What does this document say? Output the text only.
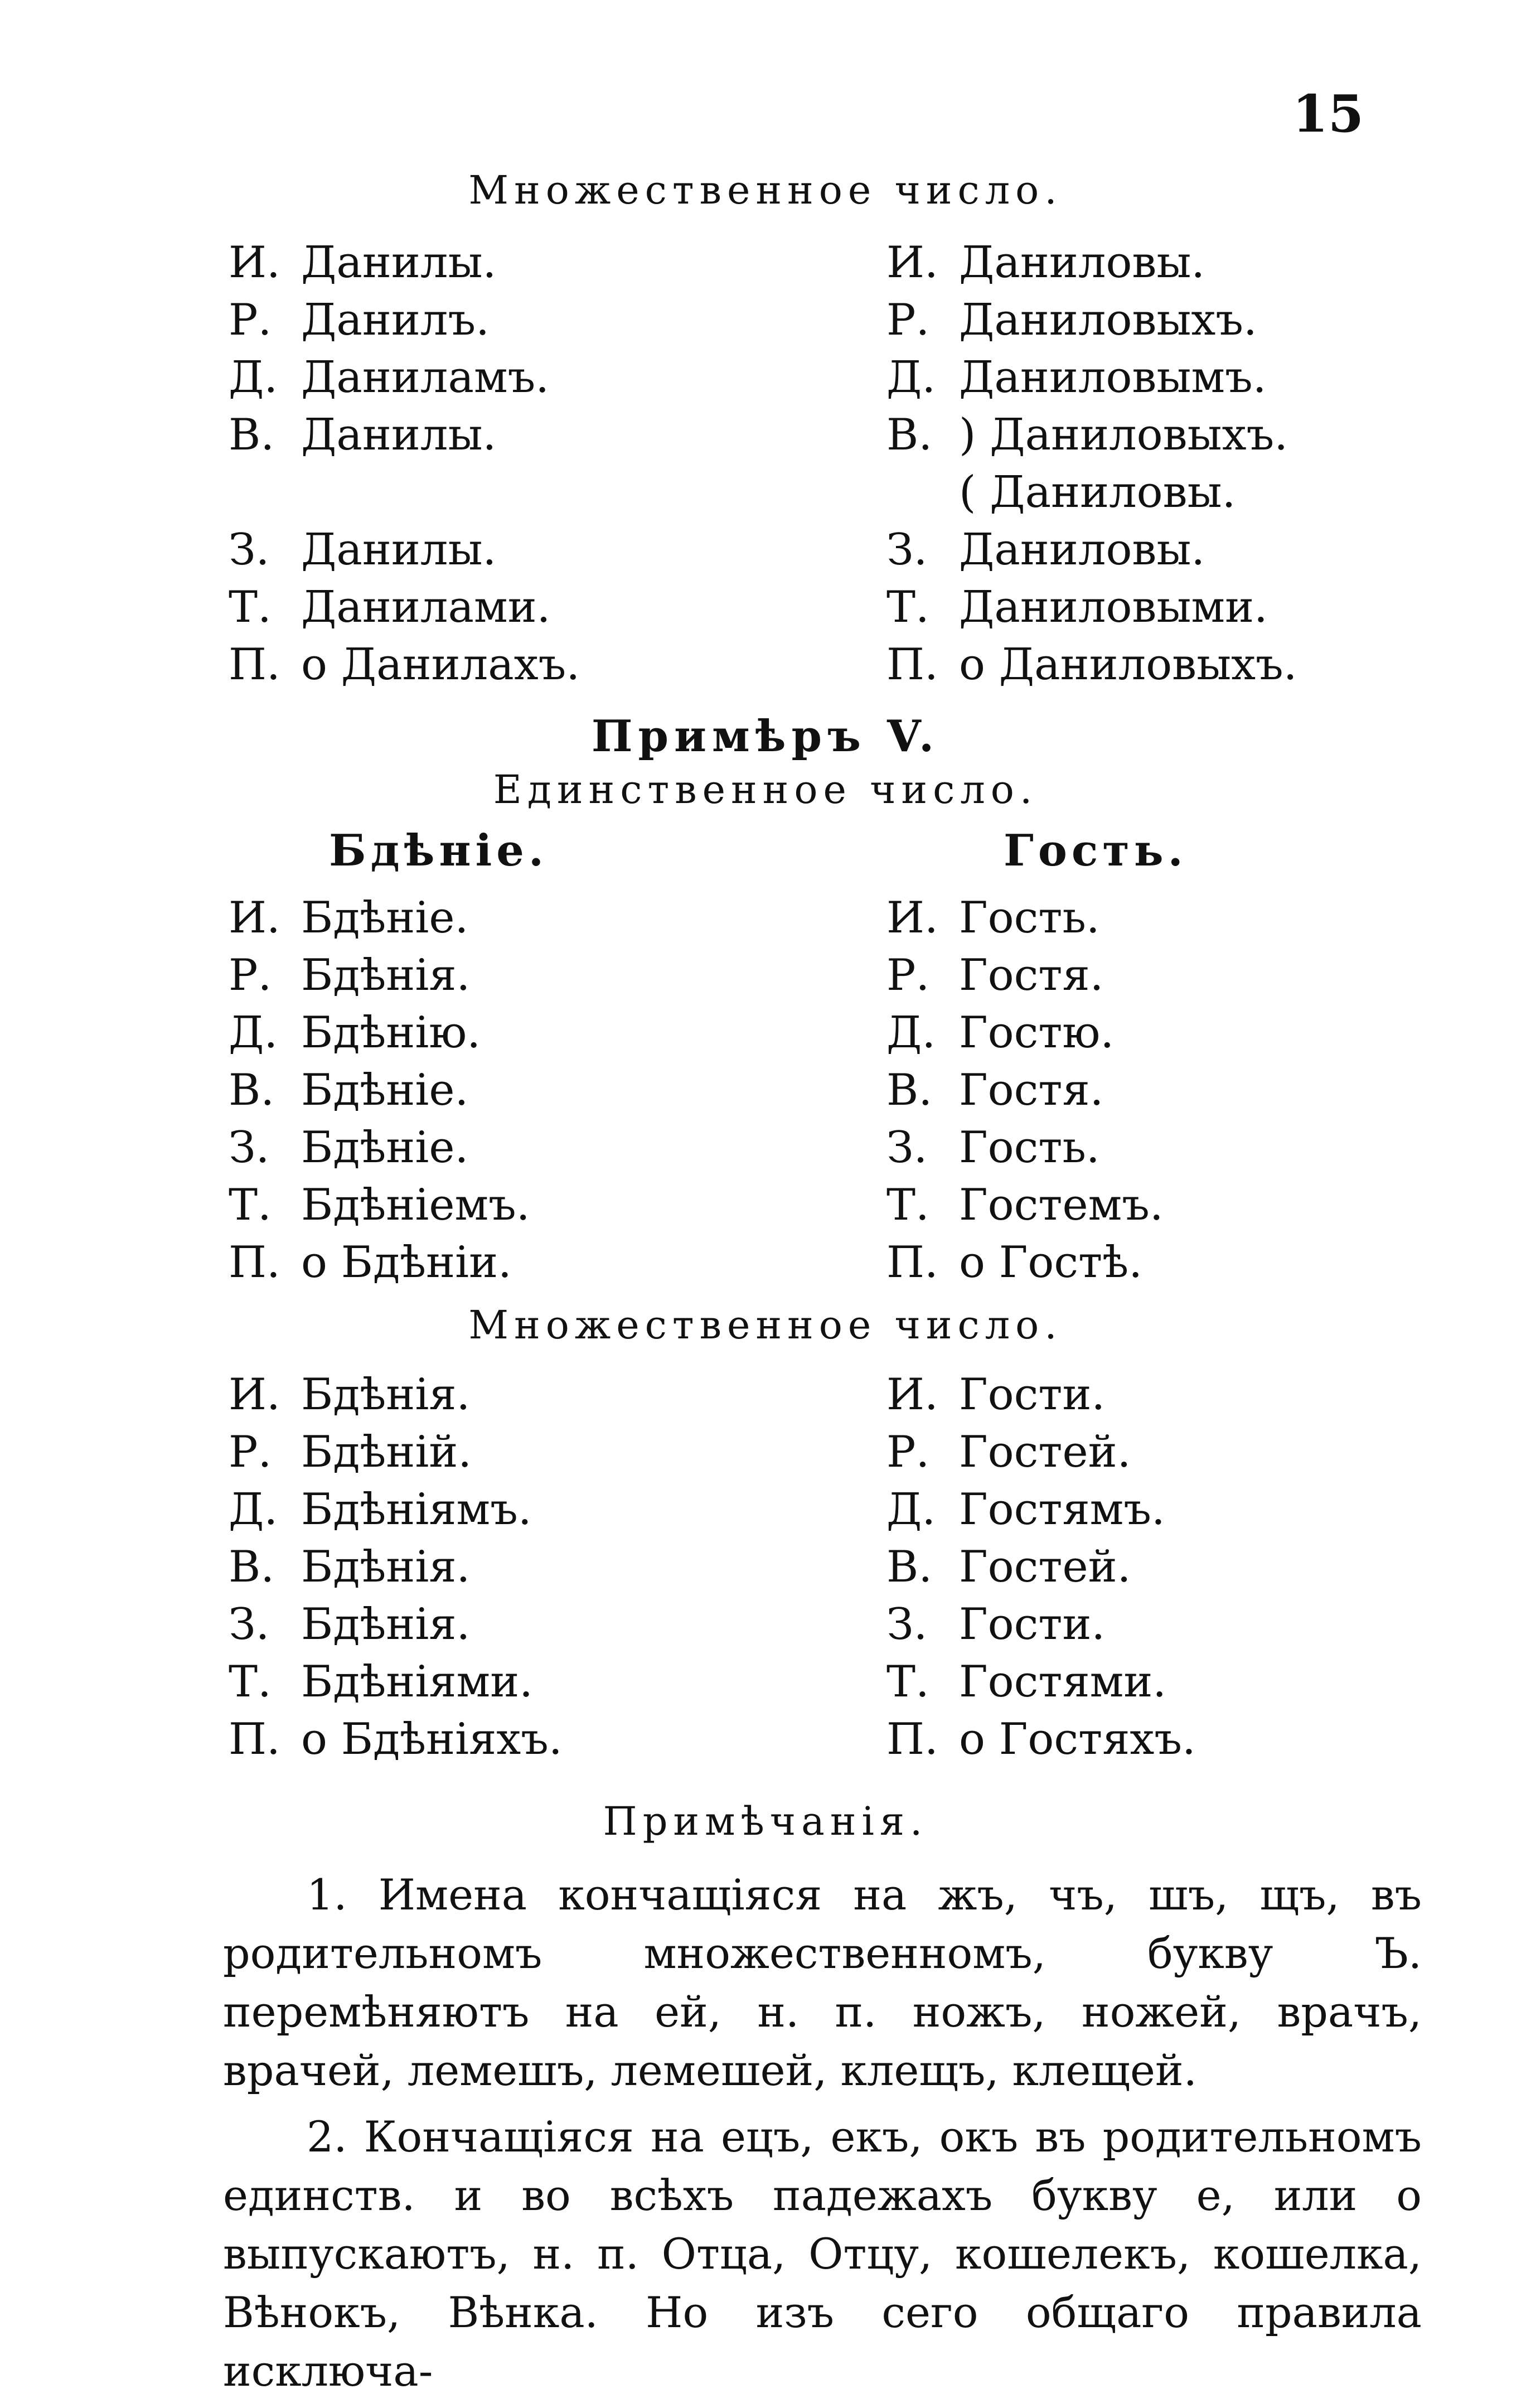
15
Множественное число.
И. Данилы.
Р. Данилъ.
Д. Даниламъ.
В. Данилы.
З. Данилы.
Т. Данилами.
П. о Данилахъ.
И. Даниловы.
Р. Даниловыхъ.
Д. Даниловымъ.
В. ) Даниловыхъ.
( Даниловы.
З. Даниловы.
Т. Даниловыми.
П. о Даниловыхъ.
Примѣръ V.
Единственное число.
Бдѣніе.	Гость.
И. Бдѣніе.
Р. Бдѣнія.
Д. Бдѣнію.
В. Бдѣніе.
З. Бдѣніе.
Т. Бдѣніемъ.
П. о Бдѣніи.
И. Гость.
Р. Гостя.
Д. Гостю.
В. Гостя.
З. Гость.
Т. Гостемъ.
П. о Гостѣ.
Множественное число.
И. Бдѣнія.
Р. Бдѣній.
Д. Бдѣніямъ.
В. Бдѣнія.
З. Бдѣнія.
Т. Бдѣніями.
П. о Бдѣніяхъ.
И. Гости.
Р. Гостей.
Д. Гостямъ.
В. Гостей.
З. Гости.
Т. Гостями.
П. о Гостяхъ.
Примѣчанія.

1. Имена кончащіяся на жъ, чъ, шъ, щъ, въ родительномъ множественномъ, букву Ъ. перемѣняютъ на ей, н. п. ножъ, ножей, врачъ, врачей, лемешъ, лемешей, клещъ, клещей.

2. Кончащіяся на ецъ, екъ, окъ въ родительномъ единств. и во всѣхъ падежахъ букву е, или о выпускаютъ, н. п. Отца, Отцу, кошелекъ, кошелка, Вѣнокъ, Вѣнка. Но изъ сего общаго правила исключа-
